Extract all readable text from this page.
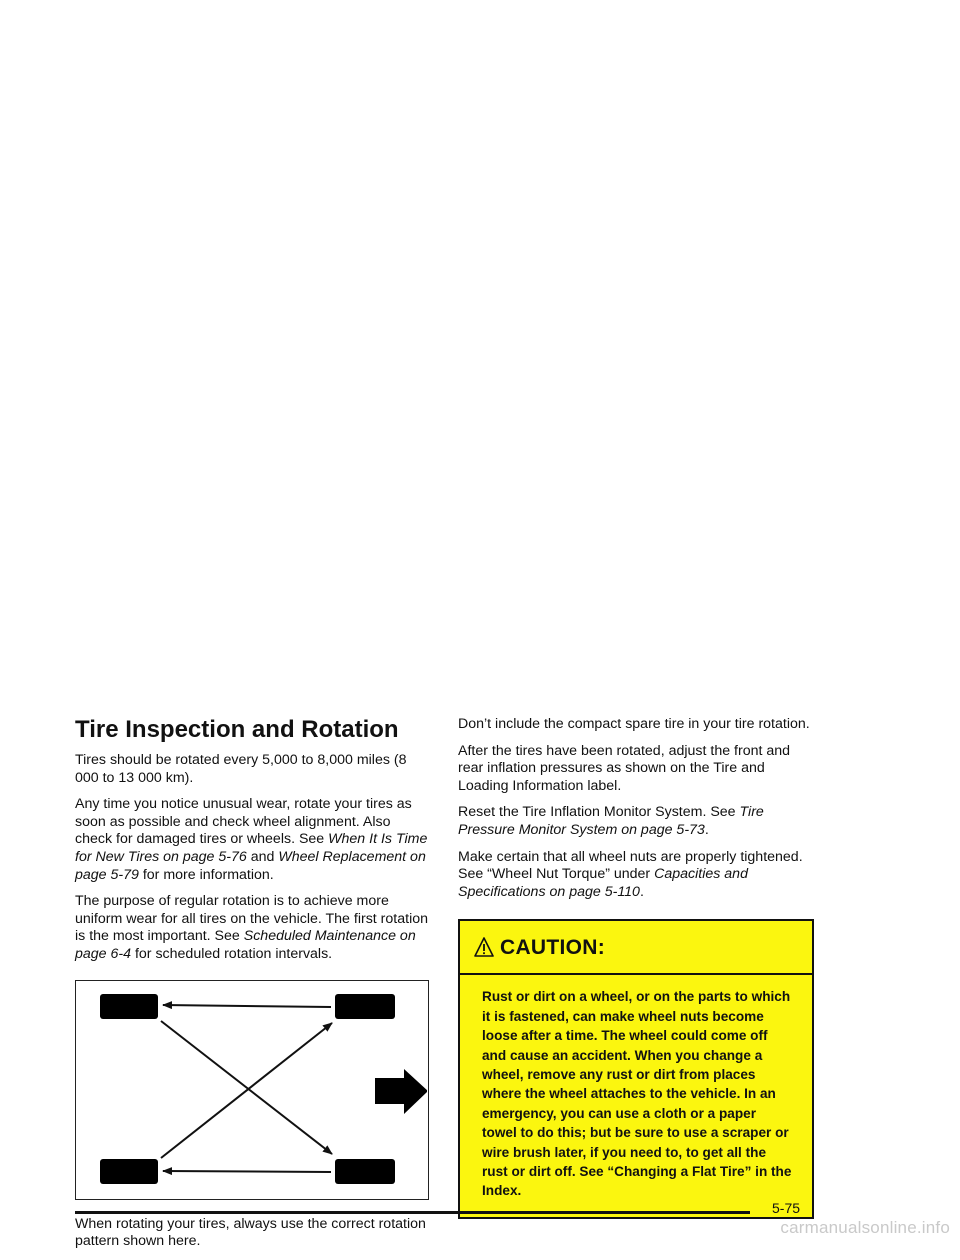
Tire Inspection and Rotation

Tires should be rotated every 5,000 to 8,000 miles (8 000 to 13 000 km).

Any time you notice unusual wear, rotate your tires as soon as possible and check wheel alignment. Also check for damaged tires or wheels. See When It Is Time for New Tires on page 5-76 and Wheel Replacement on page 5-79 for more information.

The purpose of regular rotation is to achieve more uniform wear for all tires on the vehicle. The first rotation is the most important. See Scheduled Maintenance on page 6-4 for scheduled rotation intervals.

When rotating your tires, always use the correct rotation pattern shown here.

Don’t include the compact spare tire in your tire rotation.

After the tires have been rotated, adjust the front and rear inflation pressures as shown on the Tire and Loading Information label.

Reset the Tire Inflation Monitor System. See Tire Pressure Monitor System on page 5-73.

Make certain that all wheel nuts are properly tightened. See “Wheel Nut Torque” under Capacities and Specifications on page 5-110.

CAUTION:
Rust or dirt on a wheel, or on the parts to which it is fastened, can make wheel nuts become loose after a time. The wheel could come off and cause an accident. When you change a wheel, remove any rust or dirt from places where the wheel attaches to the vehicle. In an emergency, you can use a cloth or a paper towel to do this; but be sure to use a scraper or wire brush later, if you need to, to get all the rust or dirt off. See “Changing a Flat Tire” in the Index.
5-75
carmanualsonline.info
